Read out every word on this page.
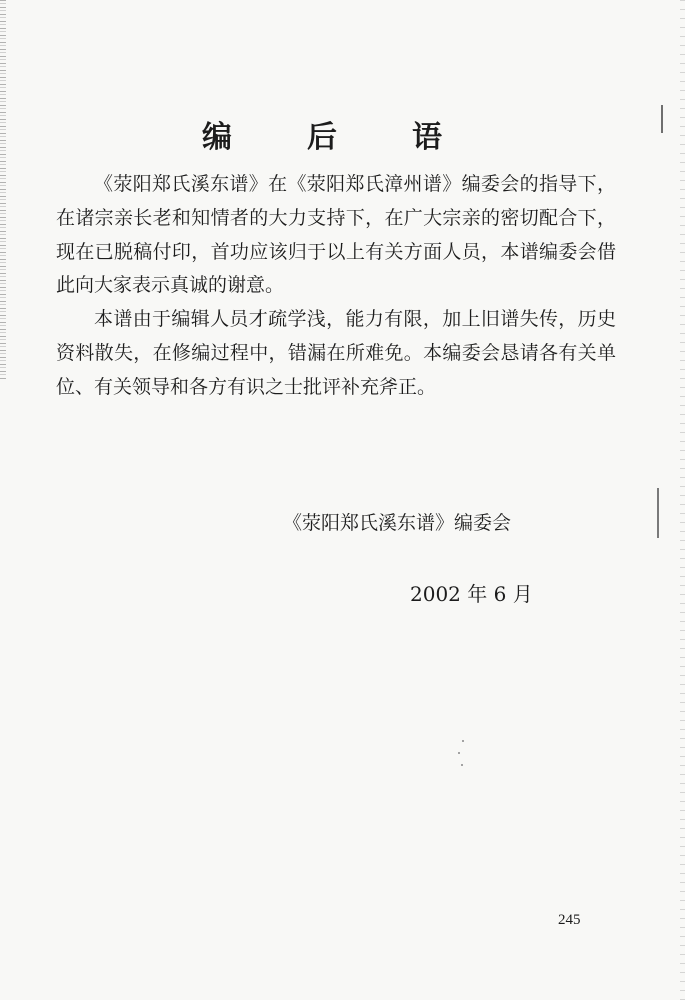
编	后	语

《荥阳郑氏溪东谱》在《荥阳郑氏漳州谱》编委会的指导下，在诸宗亲长老和知情者的大力支持下，在广大宗亲的密切配合下，现在已脱稿付印，首功应该归于以上有关方面人员，本谱编委会借此向大家表示真诚的谢意。

本谱由于编辑人员才疏学浅，能力有限，加上旧谱失传，历史资料散失，在修编过程中，错漏在所难免。本编委会恳请各有关单位、有关领导和各方有识之士批评补充斧正。

《荥阳郑氏溪东谱》编委会
2002 年 6 月
245
